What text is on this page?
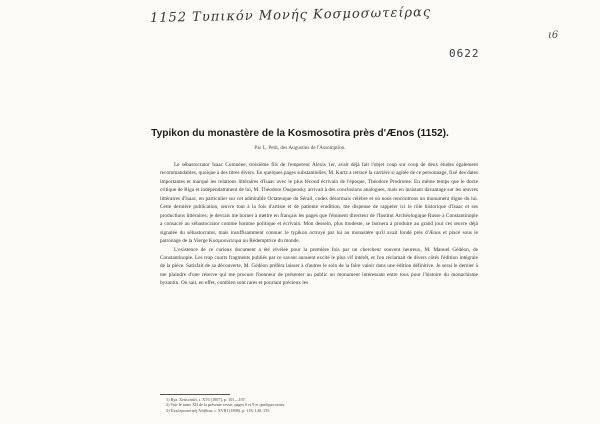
1152 Τυπικόν Μονής Κοσμοσωτείρας
ι6
0622
Typikon du monastère de la Kosmosotira près d'Ænos (1152).
Par L. Petit, des Augustins de l'Assomption.

Le sébastocrator Isaac Comnène, troisième fils de l'empereur Alexis 1er, avait déjà fait l'objet coup sur coup de deux études également recommandables, quoique à des titres divers. En quelques pages substantielles, M. Kurtz a retracé la carrière si agitée de ce personnage, fixé des dates importantes et marqué les relations littéraires d'Isaac avec le plus fécond écrivain de l'époque, Théodore Prodrome. En même temps que le docte critique de Riga et indépendamment de lui, M. Théodore Ouspensky arrivait à des conclusions analogues, mais en insistant davantage sur les œuvres littéraires d'Isaac, en particulier sur cet admirable Octateuque du Sérail, codex désormais célèbre et où nous rencontrons un monument digne du lui. Cette dernière publication, œuvre tout à la fois d'artiste et de patiente érudition, me dispense de rappeler ici le rôle historique d'Isaac et ses productions littéraires; je devrais me borner à mettre en français les pages que l'éminent directeur de l'Institut Archéologique Russe à Constantinople a consacré au sébastocrator comme homme politique et écrivain. Mon dessein, plus modeste, se bornera à produire au grand jour ces œuvre déjà signalée du sébastocrator, mais insuffisamment connue: le typikon octroyé par lui au monastère qu'il avait fondé près d'Ænos et placé sous le patronage de la Vierge Κοσμοσώτειρα ou Rédemptrice du monde.

L'existence de ce curieux document a été révélée pour la première fois par un chercheur souvent heureux, M. Manuel Gédéon, de Constantinople. Les trop courts fragments publiés par ce savant auraient excité le plus vif intérêt, et l'on réclamait de divers côtés l'édition intégrale de la pièce. Satisfait de sa découverte, M. Gédéon préféra laisser à d'autres le soin de la faire valoir dans une édition définitive. Je serai le dernier à me plaindre d'une réserve qui me procure l'honneur de présenter au public un monument intéressant entre tous pour l'histoire du monachisme byzantin. On sait, en effet, combien sont rares et pourtant précieux les

1) Byz. Zeitschrift, t. XVI (1907), p. 101—107.
2) Voir le tome XII de la présente revue, pages 6 et 9 et quelques notes.
3) Ἐκκλησιαστικὴ Ἀλήθεια, t. XVIII (1898), p. 118, 140, 155.
